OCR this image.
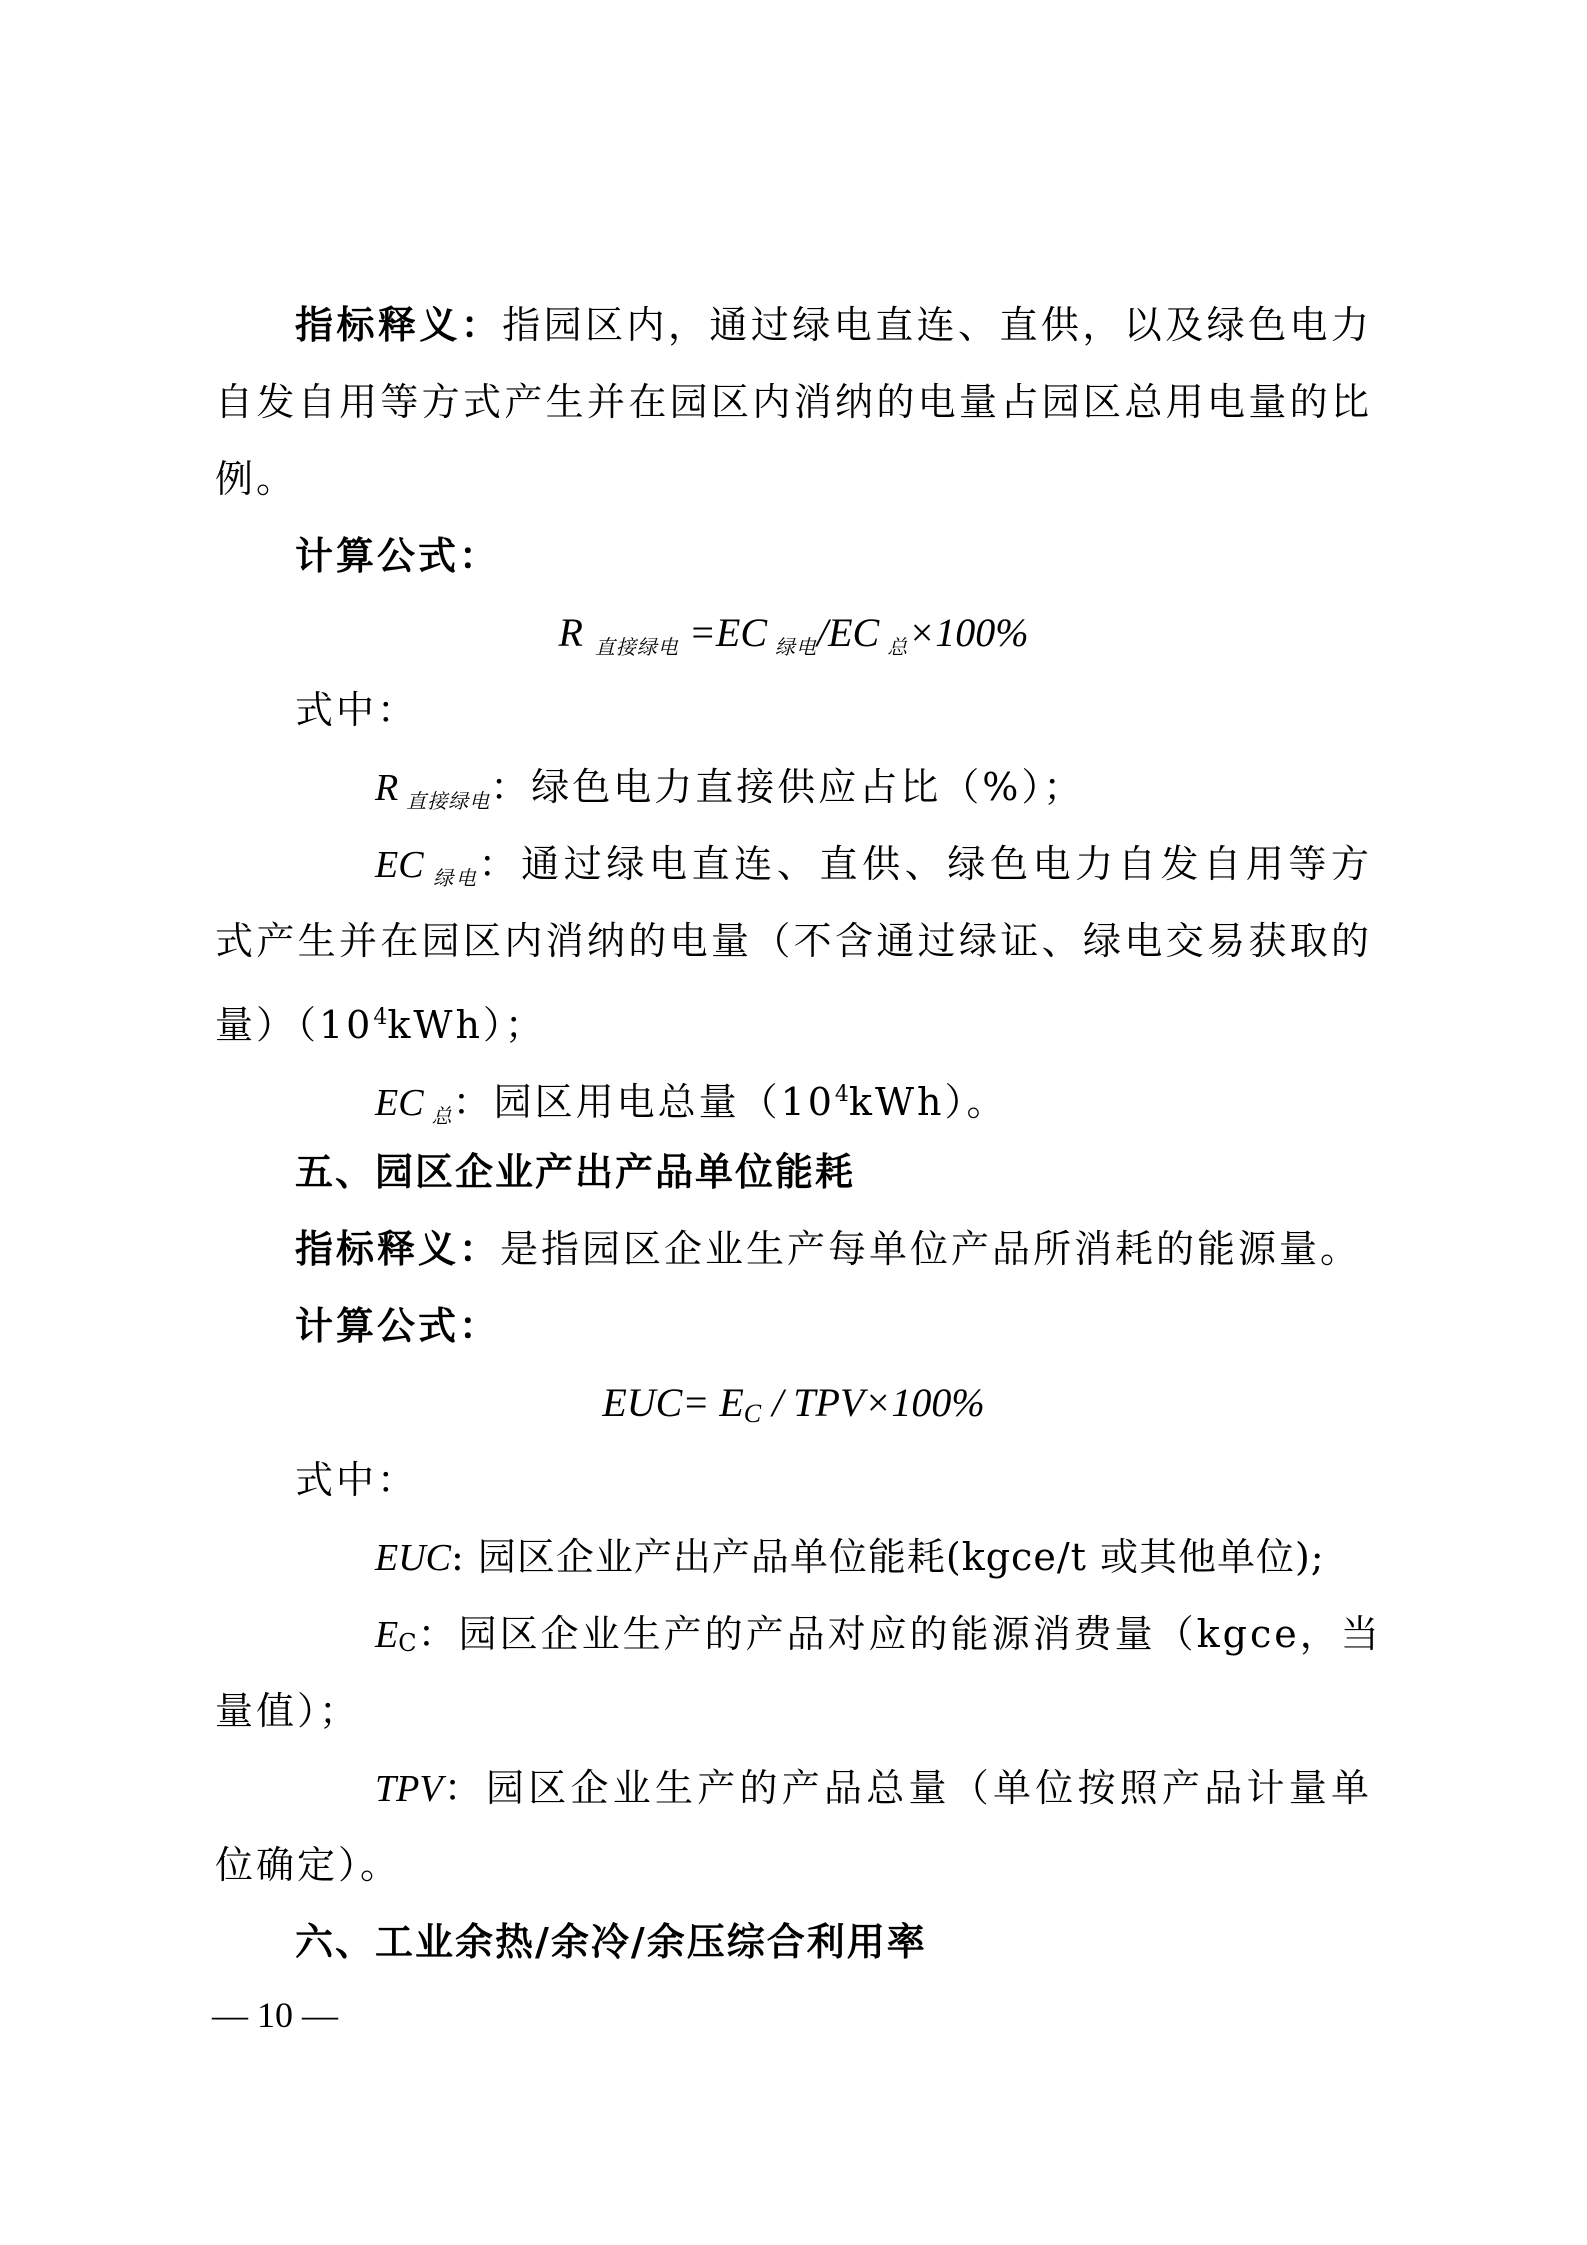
指标释义：指园区内，通过绿电直连、直供，以及绿色电力
自发自用等方式产生并在园区内消纳的电量占园区总用电量的比
例。
计算公式：
R $_{直接绿电}$ =EC $_{绿电}$/EC $_总$×100%
式中：
R $_{直接绿电}$：绿色电力直接供应占比（%）；
EC $_{绿电}$：通过绿电直连、直供、绿色电力自发自用等方
式产生并在园区内消纳的电量（不含通过绿证、绿电交易获取的
量）$(10^4kWh)$；
EC $_总$：园区用电总量$(10^4kWh)$。
五、园区企业产出产品单位能耗
指标释义：是指园区企业生产每单位产品所消耗的能源量。
计算公式：
$EUC= E_C / TPV\times 100\%$
式中：
EUC: 园区企业产出产品单位能耗(kgce/t 或其他单位);
EC：园区企业生产的产品对应的能源消费量（kgce，当
量值）；
TPV：园区企业生产的产品总量（单位按照产品计量单
位确定）。
六、工业余热/余冷/余压综合利用率
— 10 —
